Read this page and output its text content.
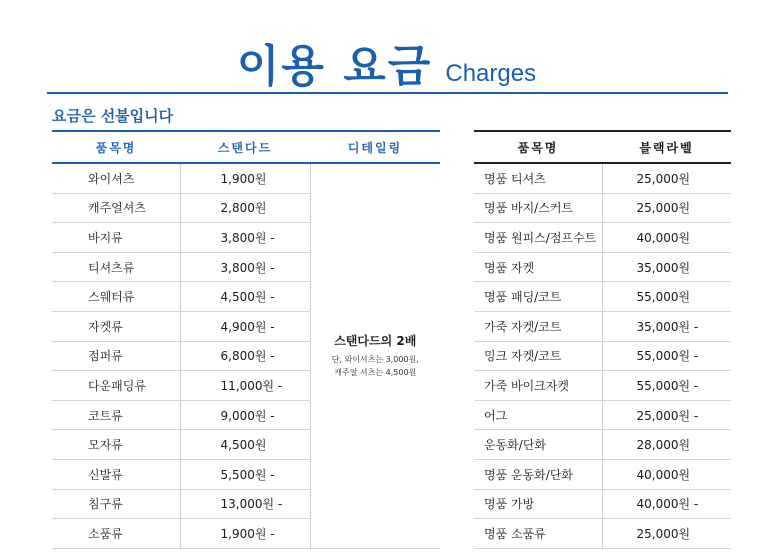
이용 요금 Charges
요금은 선불입니다
품목명	스탠다드	디테일링
와이셔츠	1,900원	스탠다드의 2배
단, 와이셔츠는 3,000원,
캐주얼 셔츠는 4,500원

캐주얼셔츠	2,800원	
바지류	3,800원 -	
티셔츠류	3,800원 -	
스웨터류	4,500원 -	
자켓류	4,900원 -	
점퍼류	6,800원 -	
다운패딩류	11,000원 -	
코트류	9,000원 -	
모자류	4,500원	
신발류	5,500원 -	
침구류	13,000원 -	
소품류	1,900원 -	
품목명	블랙라벨
명품 티셔츠	25,000원
명품 바지/스커트	25,000원
명품 원피스/점프수트	40,000원
명품 자켓	35,000원
명품 패딩/코트	55,000원
가죽 자켓/코트	35,000원 -
밍크 자켓/코트	55,000원 -
가죽 바이크자켓	55,000원 -
어그	25,000원 -
운동화/단화	28,000원
명품 운동화/단화	40,000원
명품 가방	40,000원 -
명품 소품류	25,000원
